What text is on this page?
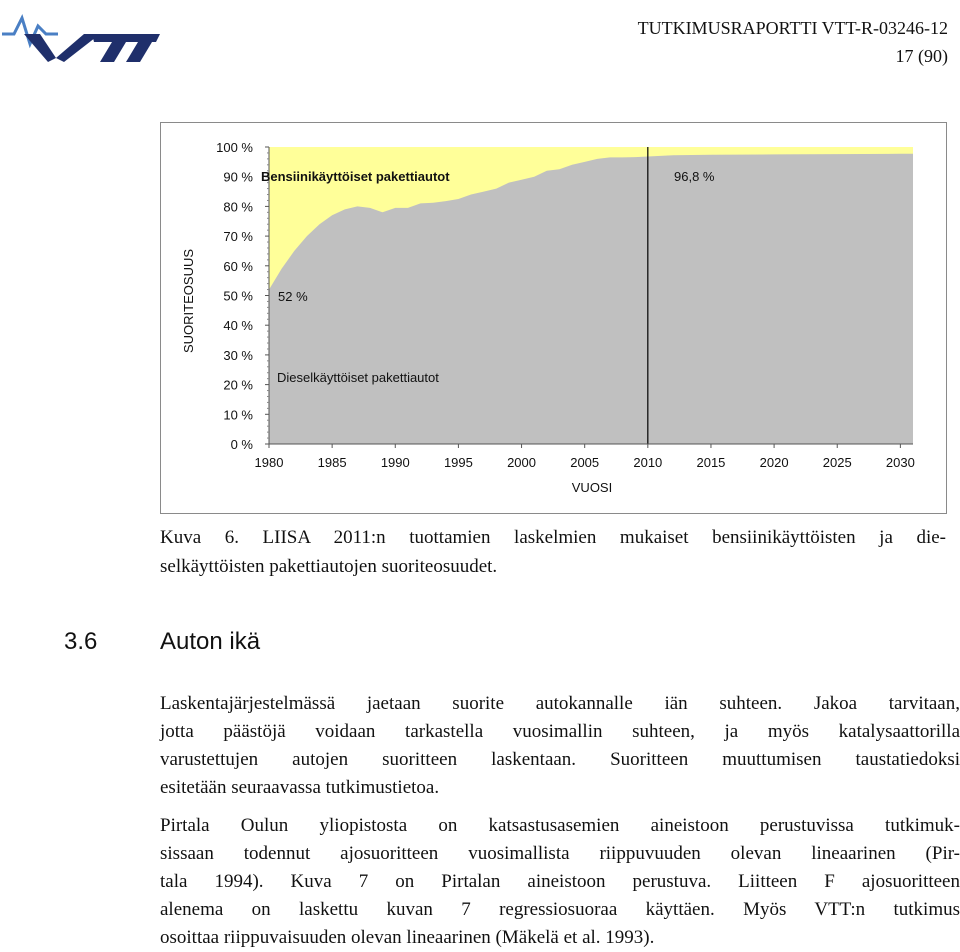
TUTKIMUSRAPORTTI VTT-R-03246-12
17 (90)
0 %
10 %
20 %
30 %
40 %
50 %
60 %
70 %
80 %
90 %
100 %
1980	1985	1990	1995	2000	2005	2010	2015	2020	2025	2030
SUORITEOSUUS
VUOSI
Bensiinikäyttöiset pakettiautot
Dieselkäyttöiset pakettiautot
52 %
96,8 %
Kuva 6. LIISA 2011:n tuottamien laskelmien mukaiset bensiinikäyttöisten ja die-
selkäyttöisten pakettiautojen suoriteosuudet.
3.6	Auton ikä
Laskentajärjestelmässä jaetaan suorite autokannalle iän suhteen. Jakoa tarvitaan,
jotta päästöjä voidaan tarkastella vuosimallin suhteen, ja myös katalysaattorilla
varustettujen autojen suoritteen laskentaan. Suoritteen muuttumisen taustatiedoksi
esitetään seuraavassa tutkimustietoa.
Pirtala Oulun yliopistosta on katsastusasemien aineistoon perustuvissa tutkimuk-
sissaan todennut ajosuoritteen vuosimallista riippuvuuden olevan lineaarinen (Pir-
tala 1994). Kuva 7 on Pirtalan aineistoon perustuva. Liitteen F ajosuoritteen
alenema on laskettu kuvan 7 regressiosuoraa käyttäen. Myös VTT:n tutkimus
osoittaa riippuvaisuuden olevan lineaarinen (Mäkelä et al. 1993).
